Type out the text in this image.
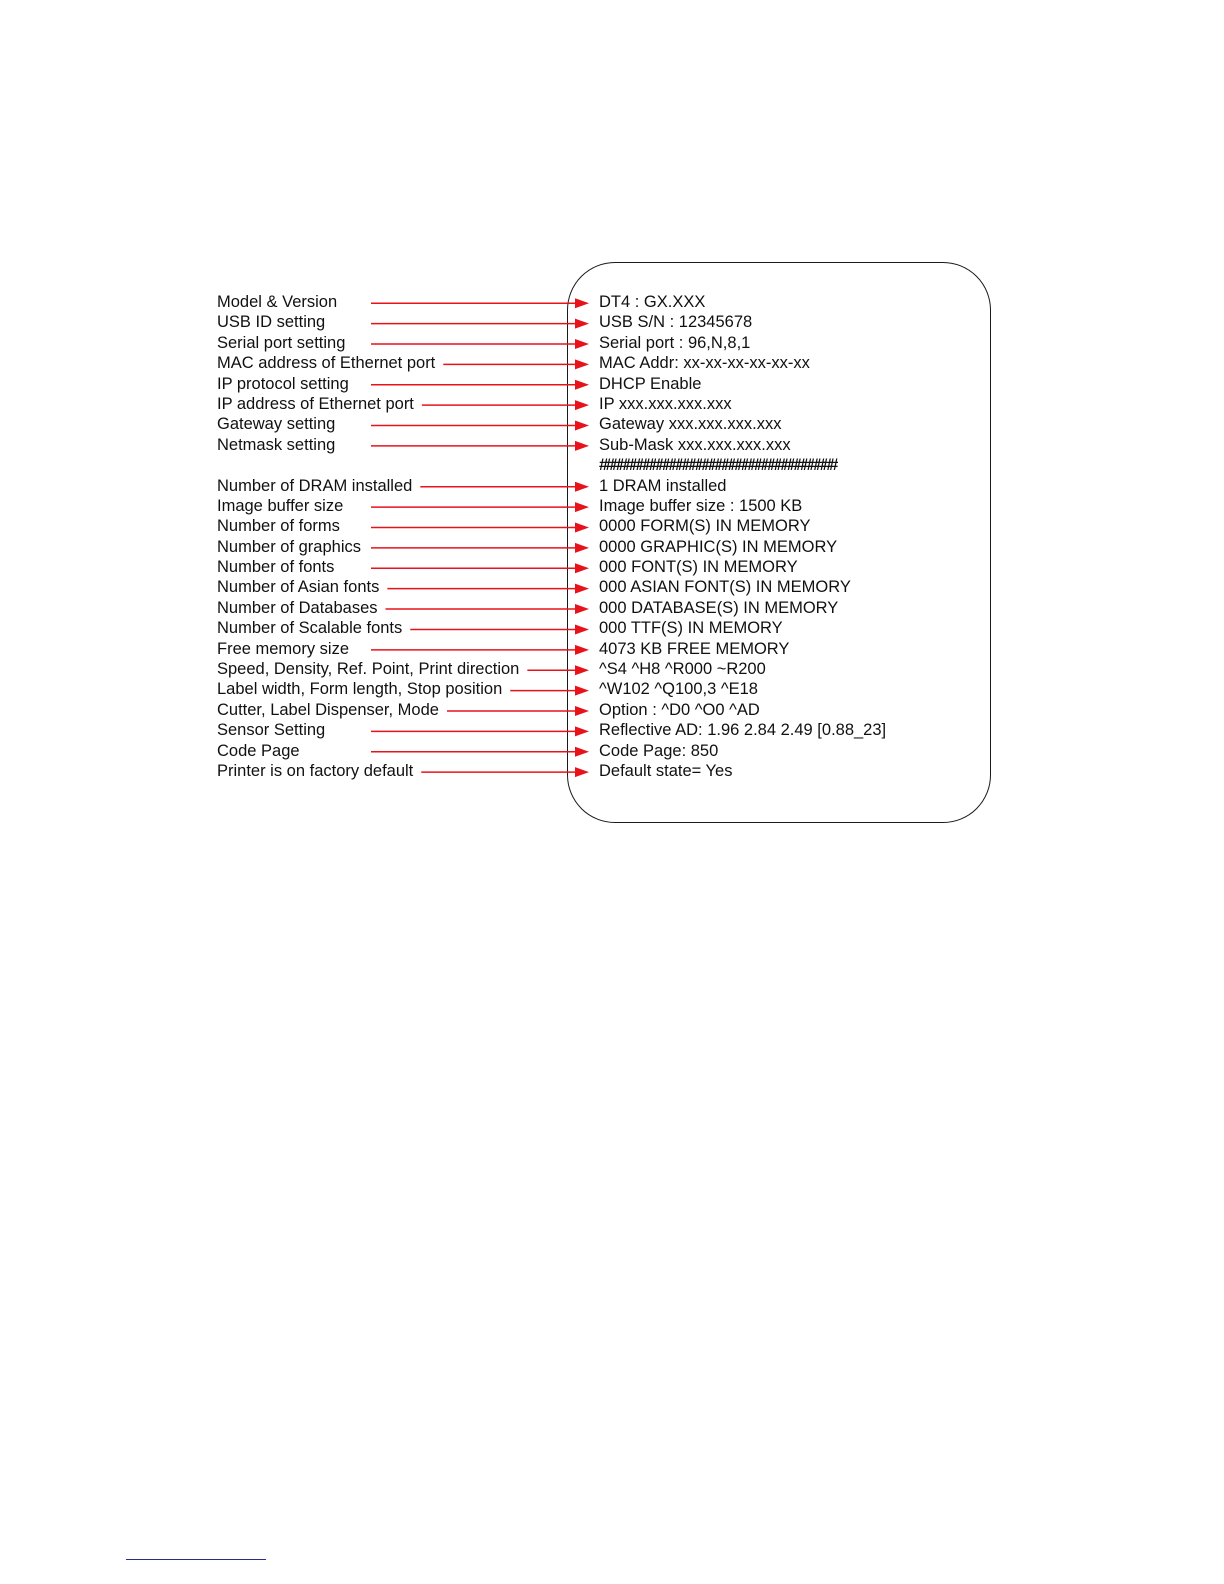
Model & Version
USB ID setting
Serial port setting
MAC address of Ethernet port
IP protocol setting
IP address of Ethernet port
Gateway setting
Netmask setting
Number of DRAM installed
Image buffer size
Number of forms
Number of graphics
Number of fonts
Number of Asian fonts
Number of Databases
Number of Scalable fonts
Free memory size
Speed, Density, Ref. Point, Print direction
Label width, Form length, Stop position
Cutter, Label Dispenser, Mode
Sensor Setting
Code Page
Printer is on factory default
DT4 : GX.XXX
USB S/N : 12345678
Serial port : 96,N,8,1
MAC Addr: xx-xx-xx-xx-xx-xx
DHCP Enable
IP xxx.xxx.xxx.xxx
Gateway xxx.xxx.xxx.xxx
Sub-Mask xxx.xxx.xxx.xxx
####################################
1 DRAM installed
Image buffer size : 1500 KB
0000 FORM(S) IN MEMORY
0000 GRAPHIC(S) IN MEMORY
000 FONT(S) IN MEMORY
000 ASIAN FONT(S) IN MEMORY
000 DATABASE(S) IN MEMORY
000 TTF(S) IN MEMORY
4073 KB FREE MEMORY
^S4 ^H8 ^R000 ~R200
^W102 ^Q100,3 ^E18
Option : ^D0 ^O0 ^AD
Reflective AD: 1.96 2.84 2.49 [0.88_23]
Code Page: 850
Default state= Yes
